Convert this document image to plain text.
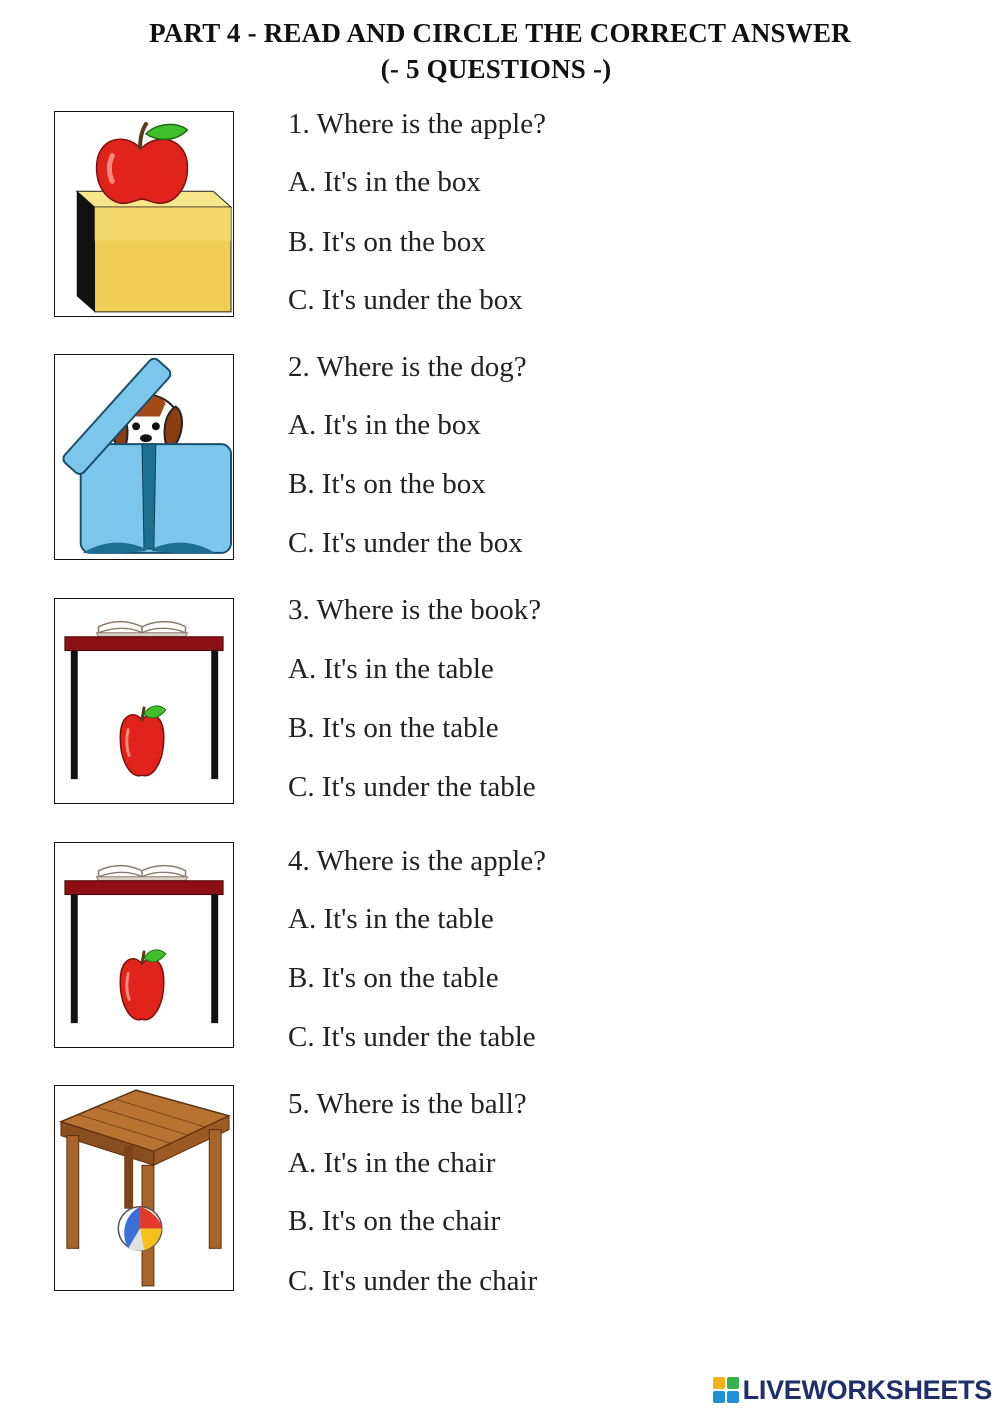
PART 4 - READ AND CIRCLE THE CORRECT ANSWER
(- 5 QUESTIONS -)

1. Where is the apple?

A. It's in the box

B. It's on the box

C. It's under the box

2. Where is the dog?

A. It's in the box

B. It's on the box

C. It's under the box

3. Where is the book?

A. It's in the table

B. It's on the table

C. It's under the table

4. Where is the apple?

A. It's in the table

B. It's on the table

C. It's under the table

5. Where is the ball?

A. It's in the chair

B. It's on the chair

C. It's under the chair

LIVEWORKSHEETS
